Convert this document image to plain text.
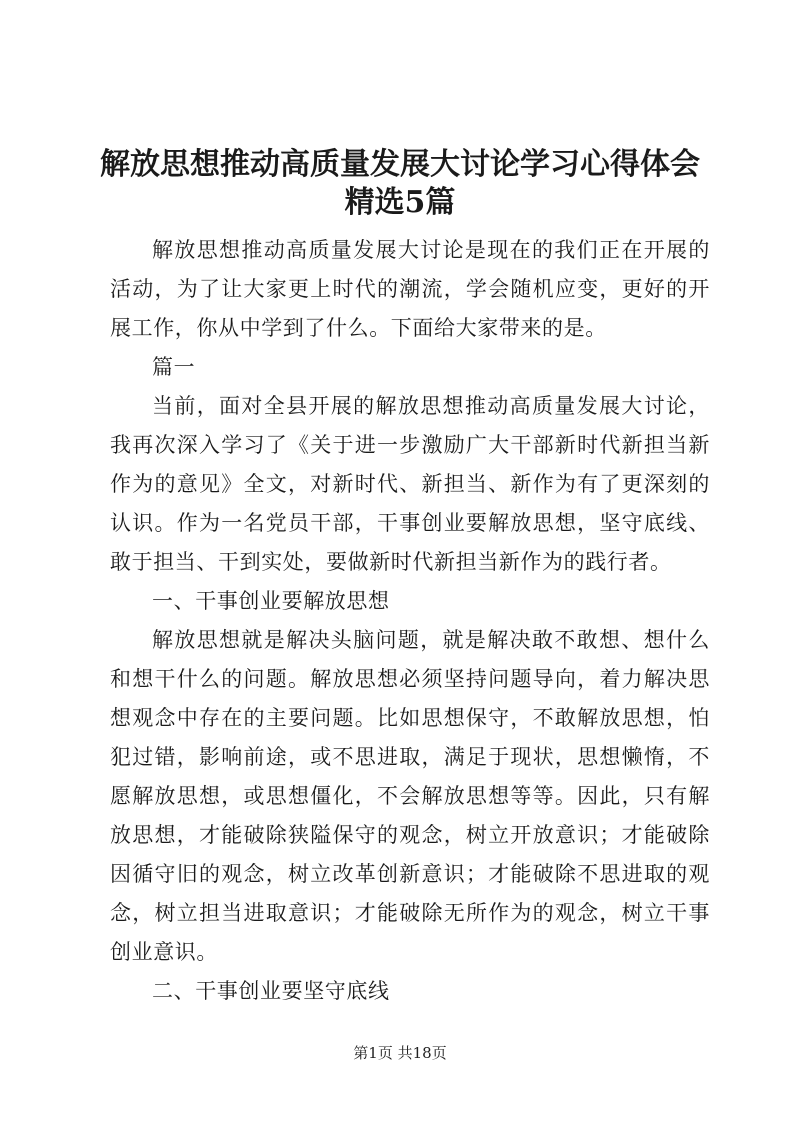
解放思想推动高质量发展大讨论学习心得体会
精选5篇

解放思想推动高质量发展大讨论是现在的我们正在开展的活动，为了让大家更上时代的潮流，学会随机应变，更好的开展工作，你从中学到了什么。下面给大家带来的是。

篇一

当前，面对全县开展的解放思想推动高质量发展大讨论，我再次深入学习了《关于进一步激励广大干部新时代新担当新作为的意见》全文，对新时代、新担当、新作为有了更深刻的认识。作为一名党员干部，干事创业要解放思想，坚守底线、敢于担当、干到实处，要做新时代新担当新作为的践行者。

一、干事创业要解放思想

解放思想就是解决头脑问题，就是解决敢不敢想、想什么和想干什么的问题。解放思想必须坚持问题导向，着力解决思想观念中存在的主要问题。比如思想保守，不敢解放思想，怕犯过错，影响前途，或不思进取，满足于现状，思想懒惰，不愿解放思想，或思想僵化，不会解放思想等等。因此，只有解放思想，才能破除狭隘保守的观念，树立开放意识；才能破除因循守旧的观念，树立改革创新意识；才能破除不思进取的观念，树立担当进取意识；才能破除无所作为的观念，树立干事创业意识。

二、干事创业要坚守底线

第1页 共18页
